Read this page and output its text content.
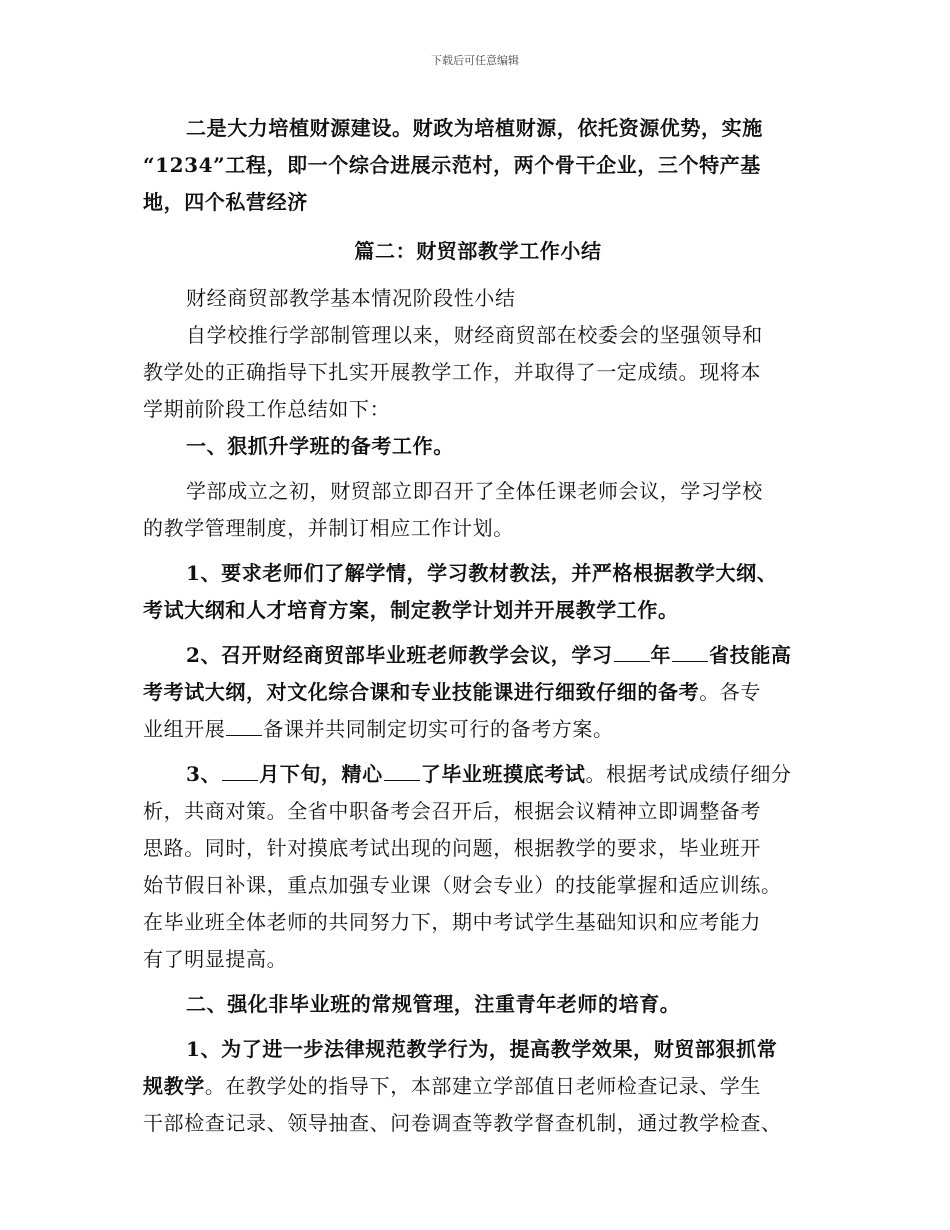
下载后可任意编辑
二是大力培植财源建设。财政为培植财源，依托资源优势，实施
“1234”工程，即一个综合进展示范村，两个骨干企业，三个特产基
地，四个私营经济
篇二：财贸部教学工作小结
财经商贸部教学基本情况阶段性小结
自学校推行学部制管理以来，财经商贸部在校委会的坚强领导和
教学处的正确指导下扎实开展教学工作，并取得了一定成绩。现将本
学期前阶段工作总结如下：
一、狠抓升学班的备考工作。
学部成立之初，财贸部立即召开了全体任课老师会议，学习学校
的教学管理制度，并制订相应工作计划。
1、要求老师们了解学情，学习教材教法，并严格根据教学大纲、
考试大纲和人才培育方案，制定教学计划并开展教学工作。
2、召开财经商贸部毕业班老师教学会议，学习 年 省技能高
考考试大纲，对文化综合课和专业技能课进行细致仔细的备考。各专
业组开展 备课并共同制定切实可行的备考方案。
3、 月下旬，精心 了毕业班摸底考试。根据考试成绩仔细分
析，共商对策。全省中职备考会召开后，根据会议精神立即调整备考
思路。同时，针对摸底考试出现的问题，根据教学的要求，毕业班开
始节假日补课，重点加强专业课（财会专业）的技能掌握和适应训练。
在毕业班全体老师的共同努力下，期中考试学生基础知识和应考能力
有了明显提高。
二、强化非毕业班的常规管理，注重青年老师的培育。
1、为了进一步法律规范教学行为，提高教学效果，财贸部狠抓常
规教学。在教学处的指导下，本部建立学部值日老师检查记录、学生
干部检查记录、领导抽查、问卷调查等教学督查机制，通过教学检查、
